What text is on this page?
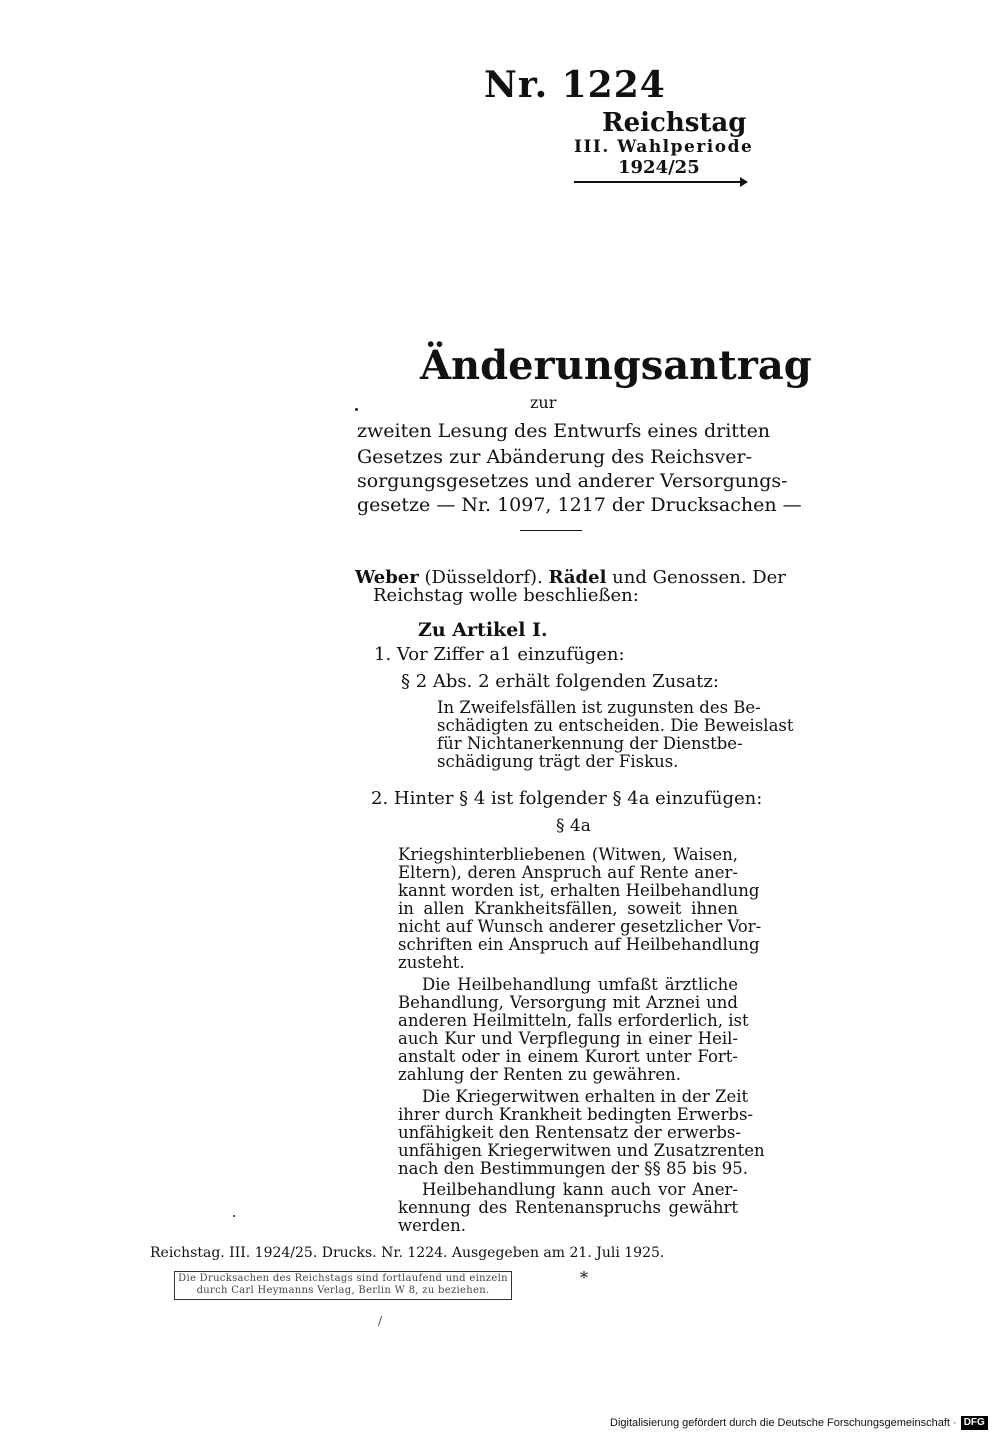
Nr. 1224
Reichstag
III. Wahlperiode
1924/25
Änderungsantrag
zur
zweiten Lesung des Entwurfs eines dritten
Gesetzes zur Abänderung des Reichsver-
sorgungsgesetzes und anderer Versorgungs-
gesetze — Nr. 1097, 1217 der Drucksachen —
Weber (Düsseldorf). Rädel und Genossen. Der
Reichstag wolle beschließen:
Zu Artikel I.
1. Vor Ziffer a1 einzufügen:
§ 2 Abs. 2 erhält folgenden Zusatz:
In Zweifelsfällen ist zugunsten des Be-
schädigten zu entscheiden. Die Beweislast
für Nichtanerkennung der Dienstbe-
schädigung trägt der Fiskus.
2. Hinter § 4 ist folgender § 4a einzufügen:
§ 4a
Kriegshinterbliebenen (Witwen, Waisen,
Eltern), deren Anspruch auf Rente aner-
kannt worden ist, erhalten Heilbehandlung
in allen Krankheitsfällen, soweit ihnen
nicht auf Wunsch anderer gesetzlicher Vor-
schriften ein Anspruch auf Heilbehandlung
zusteht.
Die Heilbehandlung umfaßt ärztliche
Behandlung, Versorgung mit Arznei und
anderen Heilmitteln, falls erforderlich, ist
auch Kur und Verpflegung in einer Heil-
anstalt oder in einem Kurort unter Fort-
zahlung der Renten zu gewähren.
Die Kriegerwitwen erhalten in der Zeit
ihrer durch Krankheit bedingten Erwerbs-
unfähigkeit den Rentensatz der erwerbs-
unfähigen Kriegerwitwen und Zusatzrenten
nach den Bestimmungen der §§ 85 bis 95.
Heilbehandlung kann auch vor Aner-
kennung des Rentenanspruchs gewährt
werden.
Reichstag. III. 1924/25. Drucks. Nr. 1224. Ausgegeben am 21. Juli 1925.
Die Drucksachen des Reichstags sind fortlaufend und einzeln
durch Carl Heymanns Verlag, Berlin W 8, zu beziehen.
*
/
Digitalisierung gefördert durch die Deutsche Forschungsgemeinschaft · DFG
